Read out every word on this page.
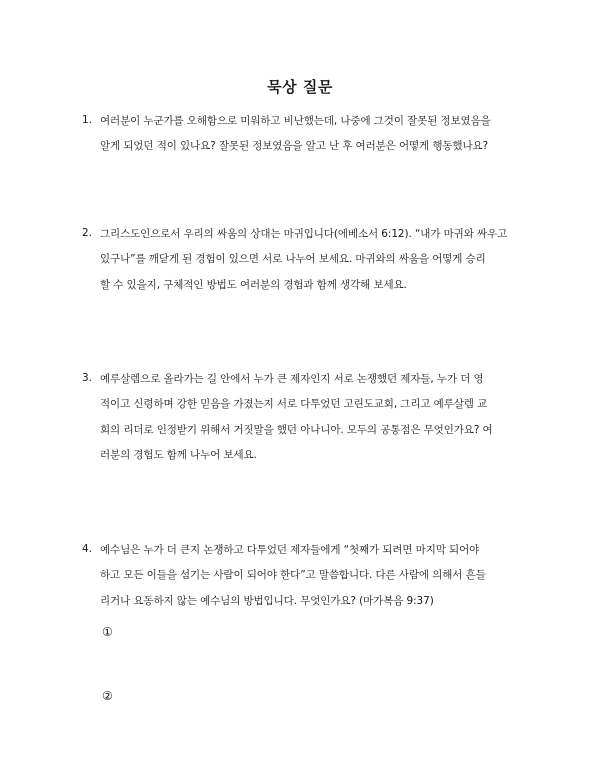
묵상 질문
1. 여러분이 누군가를 오해함으로 미워하고 비난했는데, 나중에 그것이 잘못된 정보였음을
알게 되었던 적이 있나요? 잘못된 정보였음을 알고 난 후 여러분은 어떻게 행동했나요?
2. 그리스도인으로서 우리의 싸움의 상대는 마귀입니다(에베소서 6:12). “내가 마귀와 싸우고
있구나”를 깨닫게 된 경험이 있으면 서로 나누어 보세요. 마귀와의 싸움을 어떻게 승리
할 수 있을지, 구체적인 방법도 여러분의 경험과 함께 생각해 보세요.
3. 예루살렘으로 올라가는 길 안에서 누가 큰 제자인지 서로 논쟁했던 제자들, 누가 더 영
적이고 신령하며 강한 믿음을 가졌는지 서로 다투었던 고린도교회, 그리고 예루살렘 교
회의 리더로 인정받기 위해서 거짓말을 했던 아나니아. 모두의 공통점은 무엇인가요? 여
러분의 경험도 함께 나누어 보세요.
4. 예수님은 누가 더 큰지 논쟁하고 다투었던 제자들에게 “첫째가 되려면 마지막 되어야
하고 모든 이들을 섬기는 사람이 되어야 한다”고 말씀합니다. 다른 사람에 의해서 흔들
리거나 요동하지 않는 예수님의 방법입니다. 무엇인가요? (마가복음 9:37)
①
②
